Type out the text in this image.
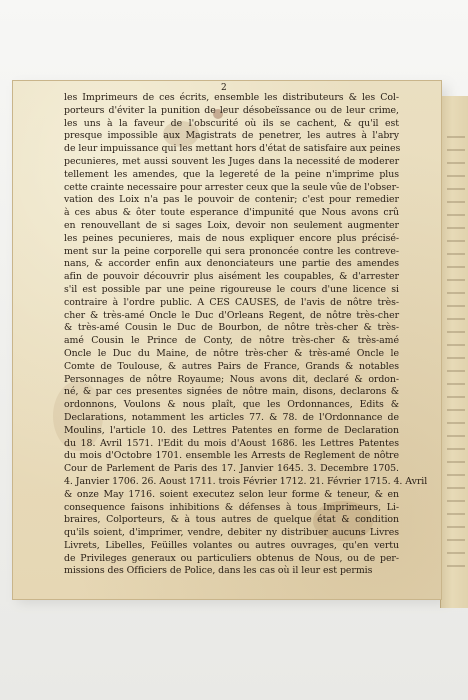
2
les Imprimeurs de ces écrits, ensemble les distributeurs & les Col-
porteurs d'éviter la punition de leur désobeïssance ou de leur crime,
les uns à la faveur de l'obscurité où ils se cachent, & qu'il est
presque impossible aux Magistrats de penetrer, les autres à l'abry
de leur impuissance qui les mettant hors d'état de satisfaire aux peines
pecunieres, met aussi souvent les Juges dans la necessité de moderer
tellement les amendes, que la legereté de la peine n'imprime plus
cette crainte necessaire pour arrester ceux que la seule vûe de l'obser-
vation des Loix n'a pas le pouvoir de contenir; c'est pour remedier
à ces abus & ôter toute esperance d'impunité que Nous avons crû
en renouvellant de si sages Loix, devoir non seulement augmenter
les peines pecunieres, mais de nous expliquer encore plus précisé-
ment sur la peine corporelle qui sera prononcée contre les contreve-
nans, & accorder enfin aux denonciateurs une partie des amendes
afin de pouvoir découvrir plus aisément les coupables, & d'arrester
s'il est possible par une peine rigoureuse le cours d'une licence si
contraire à l'ordre public. A CES CAUSES, de l'avis de nôtre très-
cher & très-amé Oncle le Duc d'Orleans Regent, de nôtre très-cher
& très-amé Cousin le Duc de Bourbon, de nôtre très-cher & très-
amé Cousin le Prince de Conty, de nôtre très-cher & très-amé
Oncle le Duc du Maine, de nôtre très-cher & très-amé Oncle le
Comte de Toulouse, & autres Pairs de France, Grands & notables
Personnages de nôtre Royaume; Nous avons dit, declaré & ordon-
né, & par ces presentes signées de nôtre main, disons, declarons &
ordonnons, Voulons & nous plaît, que les Ordonnances, Edits &
Declarations, notamment les articles 77. & 78. de l'Ordonnance de
Moulins, l'article 10. des Lettres Patentes en forme de Declaration
du 18. Avril 1571. l'Edit du mois d'Aoust 1686. les Lettres Patentes
du mois d'Octobre 1701. ensemble les Arrests de Reglement de nôtre
Cour de Parlement de Paris des 17. Janvier 1645. 3. Decembre 1705.
4. Janvier 1706. 26. Aoust 1711. trois Février 1712. 21. Février 1715. 4. Avril
& onze May 1716. soient executez selon leur forme & teneur, & en
consequence faisons inhibitions & défenses à tous Imprimeurs, Li-
braires, Colporteurs, & à tous autres de quelque état & condition
qu'ils soient, d'imprimer, vendre, debiter ny distribuer aucuns Livres
Livrets, Libelles, Feüilles volantes ou autres ouvrages, qu'en vertu
de Privileges generaux ou particuliers obtenus de Nous, ou de per-
missions des Officiers de Police, dans les cas où il leur est permis
